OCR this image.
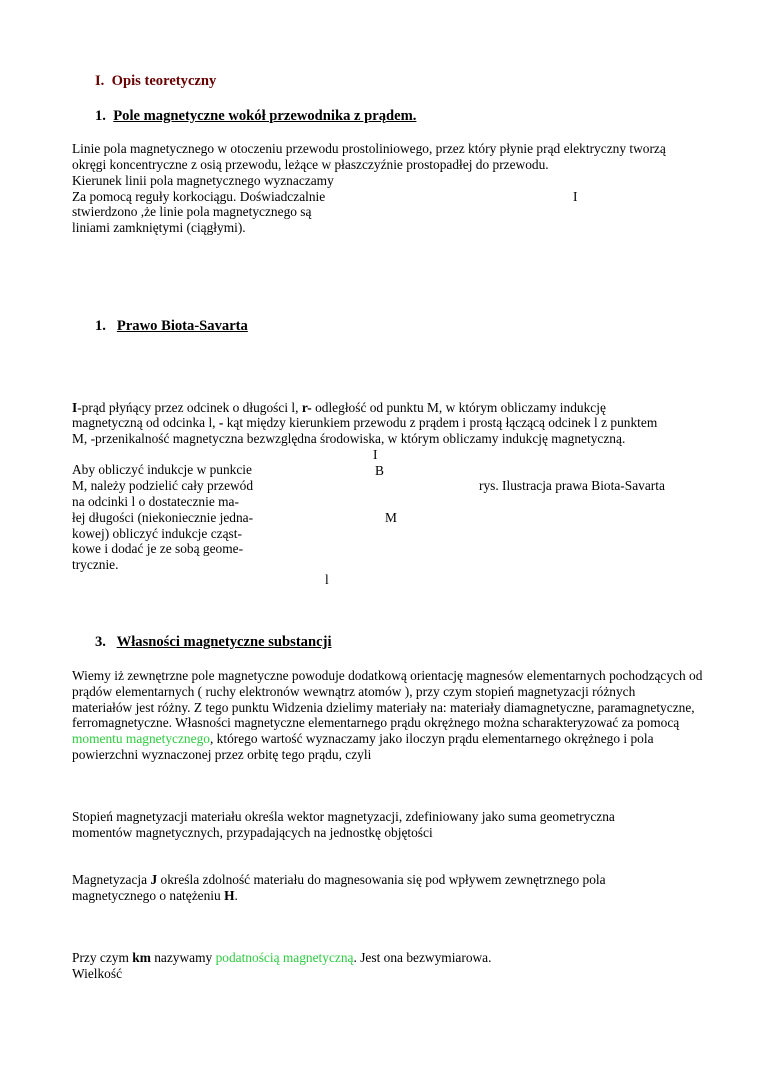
I. Opis teoretyczny
1. Pole magnetyczne wokół przewodnika z prądem.
Linie pola magnetycznego w otoczeniu przewodu prostoliniowego, przez który płynie prąd elektryczny tworzą
okręgi koncentryczne z osią przewodu, leżące w płaszczyźnie prostopadłej do przewodu.
Kierunek linii pola magnetycznego wyznaczamy
Za pomocą reguły korkociągu. Doświadczalnie
stwierdzono ,że linie pola magnetycznego są
liniami zamkniętymi (ciągłymi).
I
1. Prawo Biota-Savarta
I-prąd płyńący przez odcinek o długości l, r- odległość od punktu M, w którym obliczamy indukcję
magnetyczną od odcinka l, - kąt między kierunkiem przewodu z prądem i prostą łączącą odcinek l z punktem
M, -przenikalność magnetyczna bezwzględna środowiska, w którym obliczamy indukcję magnetyczną.
I
B
M
l
rys. Ilustracja prawa Biota-Savarta
Aby obliczyć indukcje w punkcie
M, należy podzielić cały przewód
na odcinki l o dostatecznie ma-
łej długości (niekoniecznie jedna-
kowej) obliczyć indukcje cząst-
kowe i dodać je ze sobą geome-
trycznie.
3. Własności magnetyczne substancji
Wiemy iż zewnętrzne pole magnetyczne powoduje dodatkową orientację magnesów elementarnych pochodzących od
prądów elementarnych ( ruchy elektronów wewnątrz atomów ), przy czym stopień magnetyzacji różnych
materiałów jest różny. Z tego punktu Widzenia dzielimy materiały na: materiały diamagnetyczne, paramagnetyczne,
ferromagnetyczne. Własności magnetyczne elementarnego prądu okrężnego można scharakteryzować za pomocą
momentu magnetycznego, którego wartość wyznaczamy jako iloczyn prądu elementarnego okrężnego i pola
powierzchni wyznaczonej przez orbitę tego prądu, czyli
Stopień magnetyzacji materiału określa wektor magnetyzacji, zdefiniowany jako suma geometryczna
momentów magnetycznych, przypadających na jednostkę objętości
Magnetyzacja J określa zdolność materiału do magnesowania się pod wpływem zewnętrznego pola
magnetycznego o natężeniu H.
Przy czym km nazywamy podatnością magnetyczną. Jest ona bezwymiarowa.
Wielkość
